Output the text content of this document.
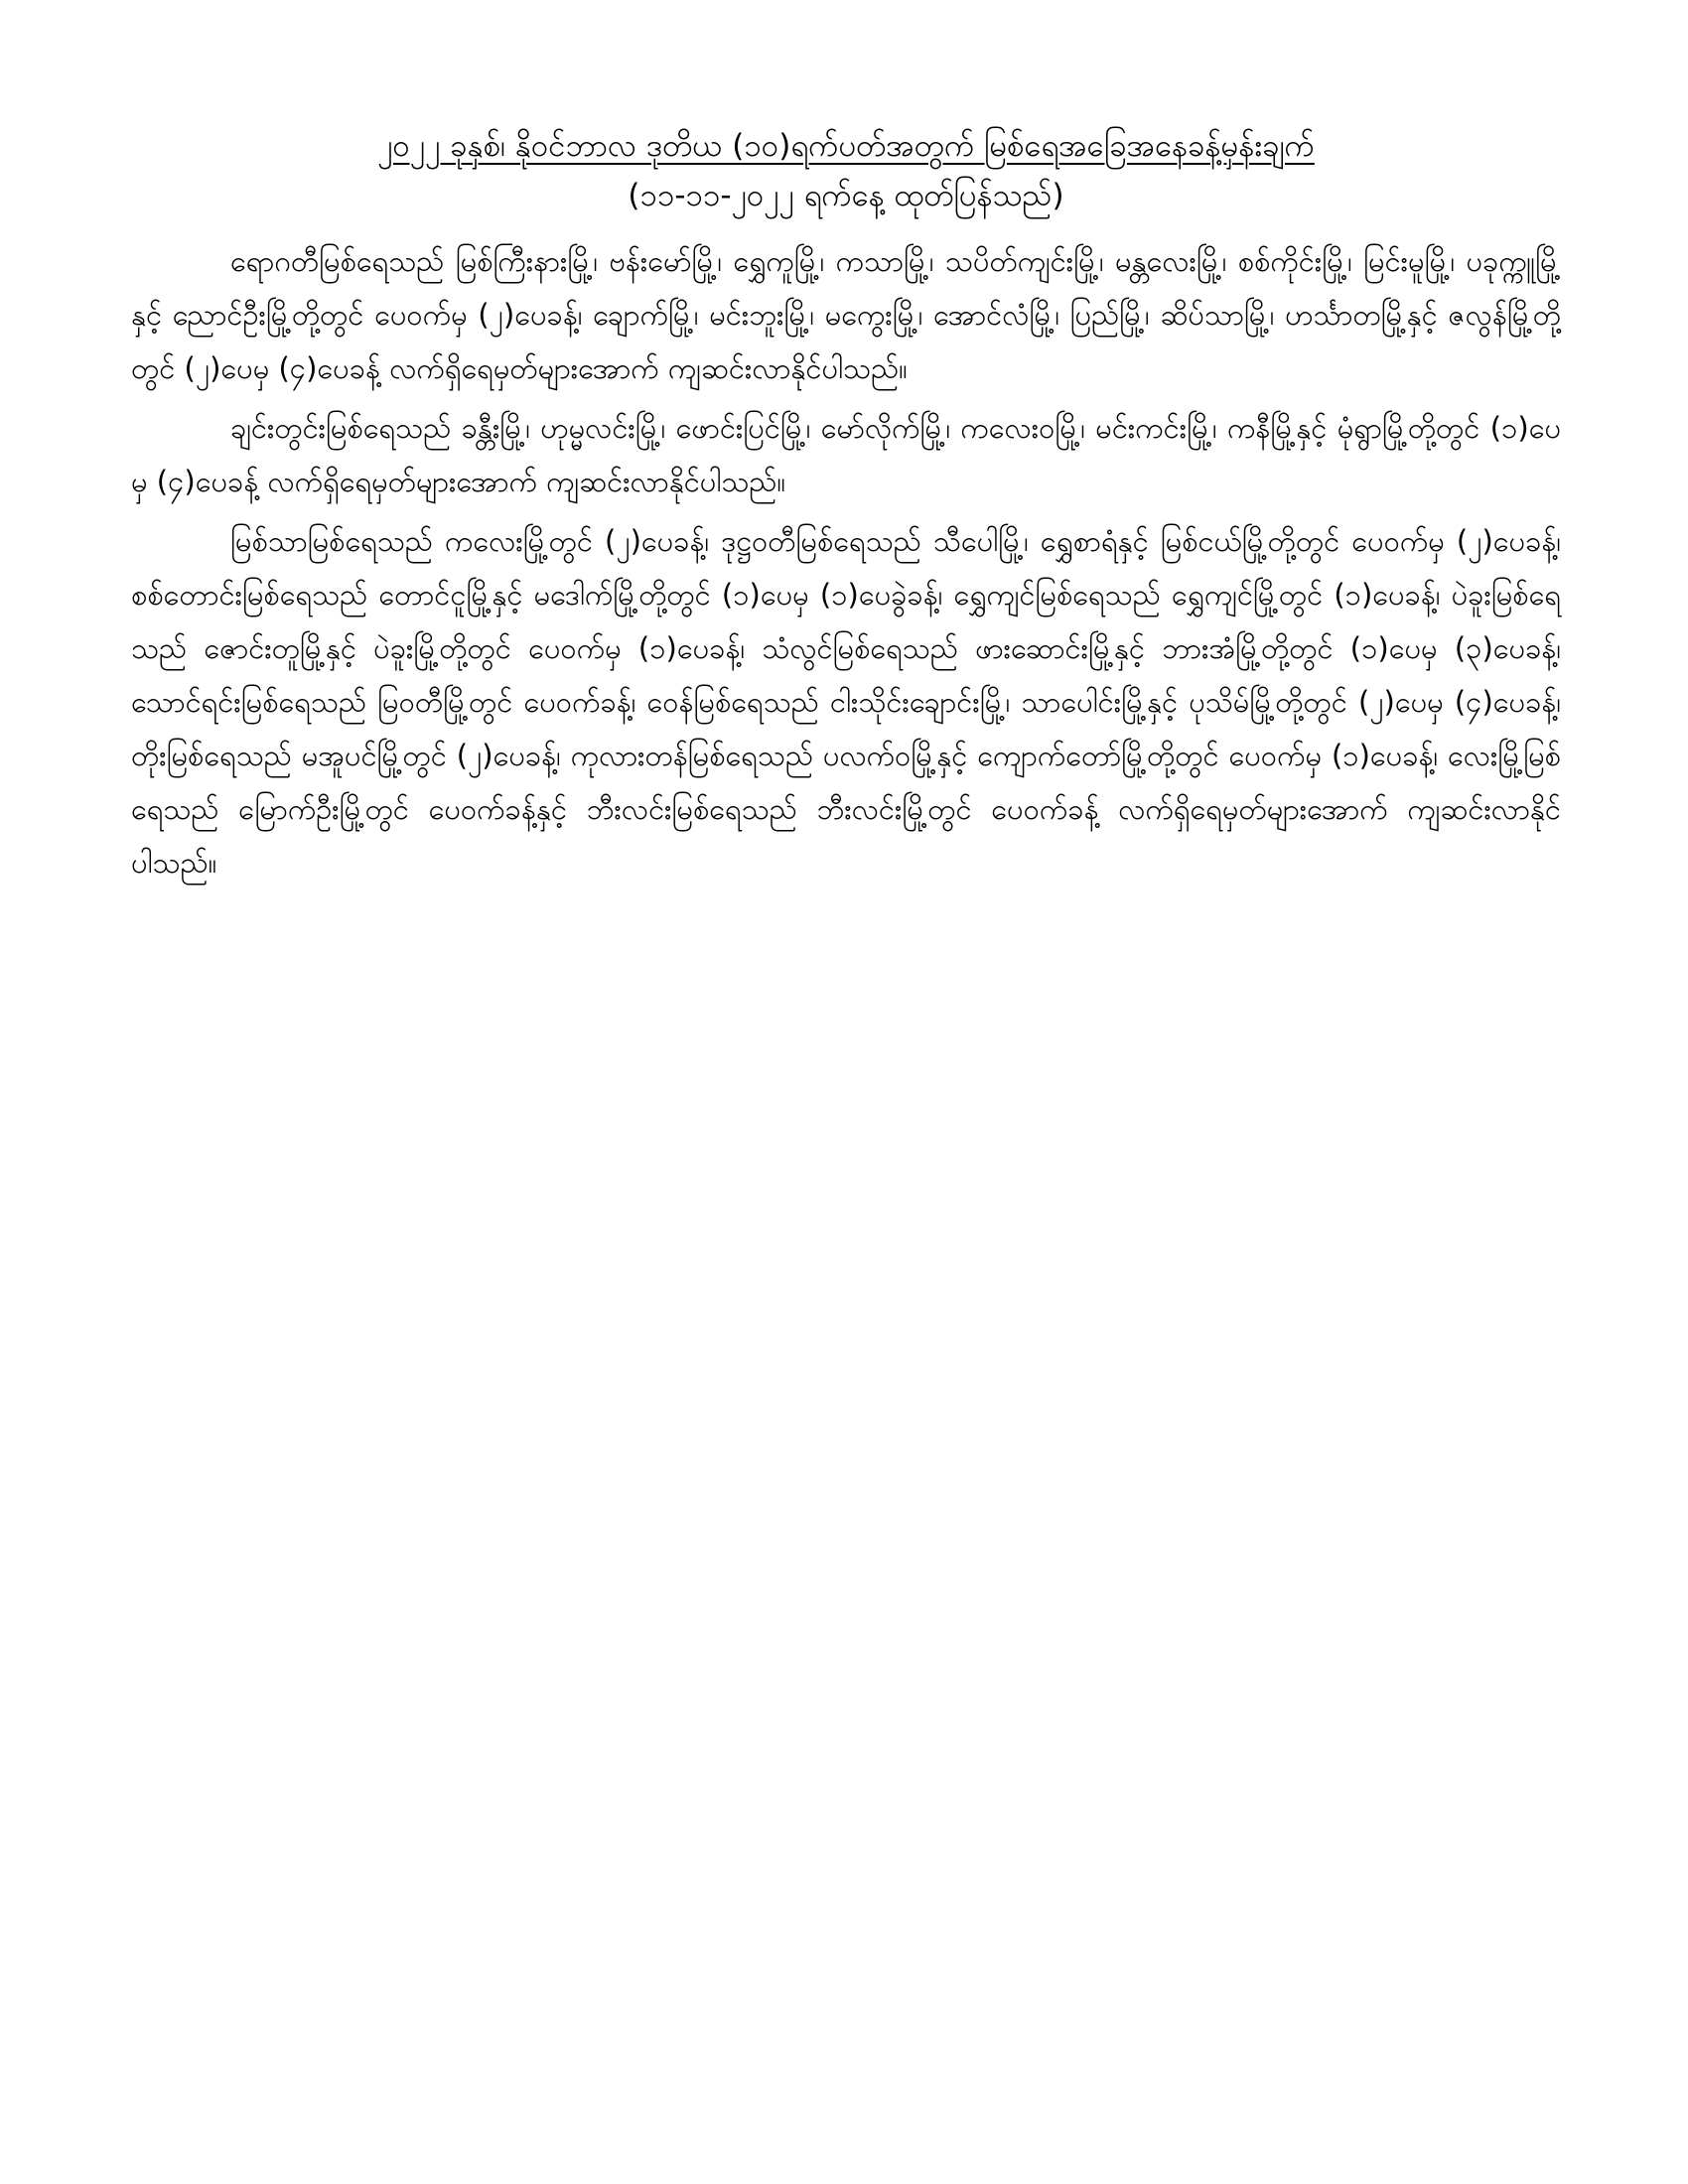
၂၀၂၂ ခုနှစ်၊ နိုဝင်ဘာလ ဒုတိယ (၁၀)ရက်ပတ်အတွက် မြစ်ရေအခြေအနေခန့်မှန်းချက်
(၁၁-၁၁-၂၀၂၂ ရက်နေ့ ထုတ်ပြန်သည်)

ရောဂတီမြစ်ရေသည် မြစ်ကြီးနားမြို့၊ ဗန်းမော်မြို့၊ ရွှေကူမြို့၊ ကသာမြို့၊ သပိတ်ကျင်းမြို့၊ မန္တလေးမြို့၊ စစ်ကိုင်းမြို့၊ မြင်းမူမြို့၊ ပခုက္ကူမြို့နှင့် ညောင်ဦးမြို့တို့တွင် ပေ၀က်မှ (၂)ပေခန့်၊ ချောက်မြို့၊ မင်းဘူးမြို့၊ မကွေးမြို့၊ အောင်လံမြို့၊ ပြည်မြို့၊ ဆိပ်သာမြို့၊ ဟင်္သာတမြို့နှင့် ဇလွန်မြို့တို့တွင် (၂)ပေမှ (၄)ပေခန့် လက်ရှိရေမှတ်များအောက် ကျဆင်းလာနိုင်ပါသည်။

ချင်းတွင်းမြစ်ရေသည် ခန္တီးမြို့၊ ဟုမ္မလင်းမြို့၊ ဖောင်းပြင်မြို့၊ မော်လိုက်မြို့၊ ကလေးဝမြို့၊ မင်းကင်းမြို့၊ ကနီမြို့နှင့် မုံရွာမြို့တို့တွင် (၁)ပေမှ (၄)ပေခန့် လက်ရှိရေမှတ်များအောက် ကျဆင်းလာနိုင်ပါသည်။

မြစ်သာမြစ်ရေသည် ကလေးမြို့တွင် (၂)ပေခန့်၊ ဒုဋ္ဌဝတီမြစ်ရေသည် သီပေါမြို့၊ ရွှေစာရံနှင့် မြစ်ငယ်မြို့တို့တွင် ပေ၀က်မှ (၂)ပေခန့်၊ စစ်တောင်းမြစ်ရေသည် တောင်ငူမြို့နှင့် မဒေါက်မြို့တို့တွင် (၁)ပေမှ (၁)ပေခွဲခန့်၊ ရွှေကျင်မြစ်ရေသည် ရွှေကျင်မြို့တွင် (၁)ပေခန့်၊ ပဲခူးမြစ်ရေသည် ဇောင်းတူမြို့နှင့် ပဲခူးမြို့တို့တွင် ပေ၀က်မှ (၁)ပေခန့်၊ သံလွင်မြစ်ရေသည် ဖားဆောင်းမြို့နှင့် ဘားအံမြို့တို့တွင် (၁)ပေမှ (၃)ပေခန့်၊ သောင်ရင်းမြစ်ရေသည် မြဝတီမြို့တွင် ပေ၀က်ခန့်၊ ဝေန်မြစ်ရေသည် ငါးသိုင်းချောင်းမြို့၊ သာပေါင်းမြို့နှင့် ပုသိမ်မြို့တို့တွင် (၂)ပေမှ (၄)ပေခန့်၊ တိုးမြစ်ရေသည် မအူပင်မြို့တွင် (၂)ပေခန့်၊ ကုလားတန်မြစ်ရေသည် ပလက်ဝမြို့နှင့် ကျောက်တော်မြို့တို့တွင် ပေ၀က်မှ (၁)ပေခန့်၊ လေးမြို့မြစ်ရေသည် မြောက်ဦးမြို့တွင် ပေ၀က်ခန့်နှင့် ဘီးလင်းမြစ်ရေသည် ဘီးလင်းမြို့တွင် ပေ၀က်ခန့် လက်ရှိရေမှတ်များအောက် ကျဆင်းလာနိုင်ပါသည်။
